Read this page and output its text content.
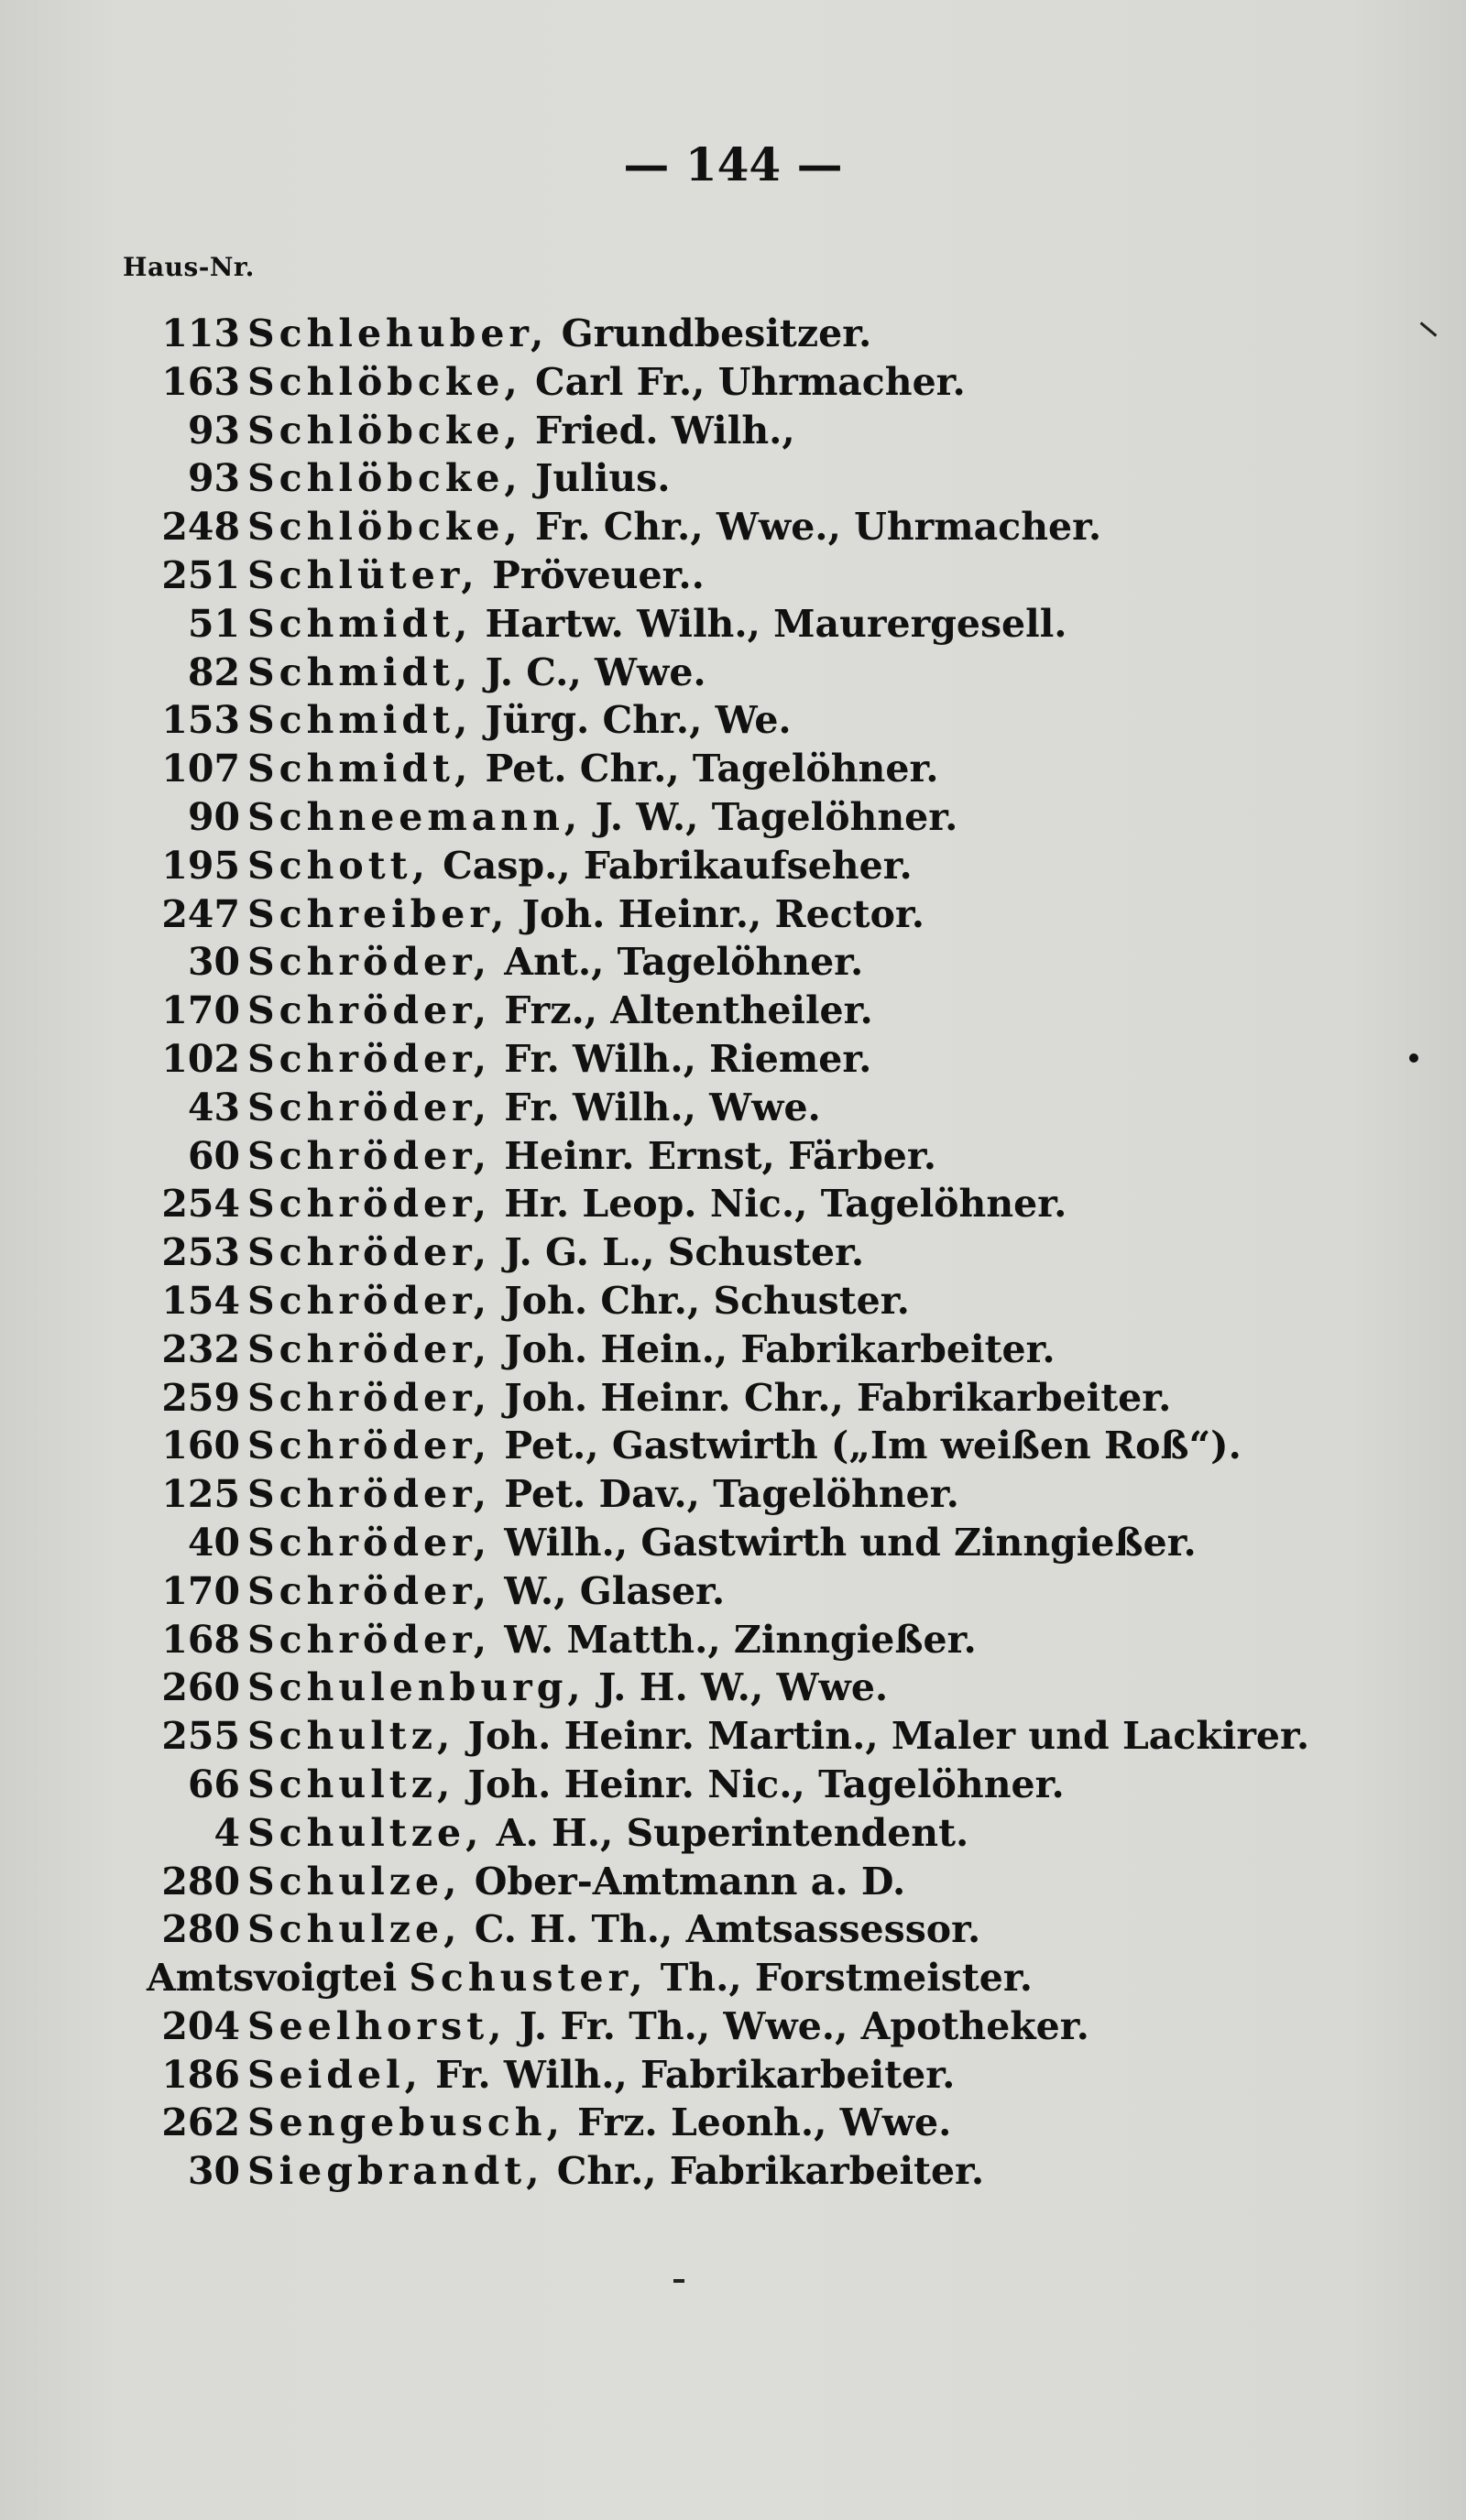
— 144 —
Haus-Nr.
113 Schlehuber, Grundbesitzer.
163 Schlöbcke, Carl Fr., Uhrmacher.
93 Schlöbcke, Fried. Wilh.,
93 Schlöbcke, Julius.
248 Schlöbcke, Fr. Chr., Wwe., Uhrmacher.
251 Schlüter, Pröveuer..
51 Schmidt, Hartw. Wilh., Maurergesell.
82 Schmidt, J. C., Wwe.
153 Schmidt, Jürg. Chr., We.
107 Schmidt, Pet. Chr., Tagelöhner.
90 Schneemann, J. W., Tagelöhner.
195 Schott, Casp., Fabrikaufseher.
247 Schreiber, Joh. Heinr., Rector.
30 Schröder, Ant., Tagelöhner.
170 Schröder, Frz., Altentheiler.
102 Schröder, Fr. Wilh., Riemer.
43 Schröder, Fr. Wilh., Wwe.
60 Schröder, Heinr. Ernst, Färber.
254 Schröder, Hr. Leop. Nic., Tagelöhner.
253 Schröder, J. G. L., Schuster.
154 Schröder, Joh. Chr., Schuster.
232 Schröder, Joh. Hein., Fabrikarbeiter.
259 Schröder, Joh. Heinr. Chr., Fabrikarbeiter.
160 Schröder, Pet., Gastwirth („Im weißen Roß“).
125 Schröder, Pet. Dav., Tagelöhner.
40 Schröder, Wilh., Gastwirth und Zinngießer.
170 Schröder, W., Glaser.
168 Schröder, W. Matth., Zinngießer.
260 Schulenburg, J. H. W., Wwe.
255 Schultz, Joh. Heinr. Martin., Maler und Lackirer.
66 Schultz, Joh. Heinr. Nic., Tagelöhner.
4 Schultze, A. H., Superintendent.
280 Schulze, Ober-Amtmann a. D.
280 Schulze, C. H. Th., Amtsassessor.
Amtsvoigtei Schuster, Th., Forstmeister.
204 Seelhorst, J. Fr. Th., Wwe., Apotheker.
186 Seidel, Fr. Wilh., Fabrikarbeiter.
262 Sengebusch, Frz. Leonh., Wwe.
30 Siegbrandt, Chr., Fabrikarbeiter.
